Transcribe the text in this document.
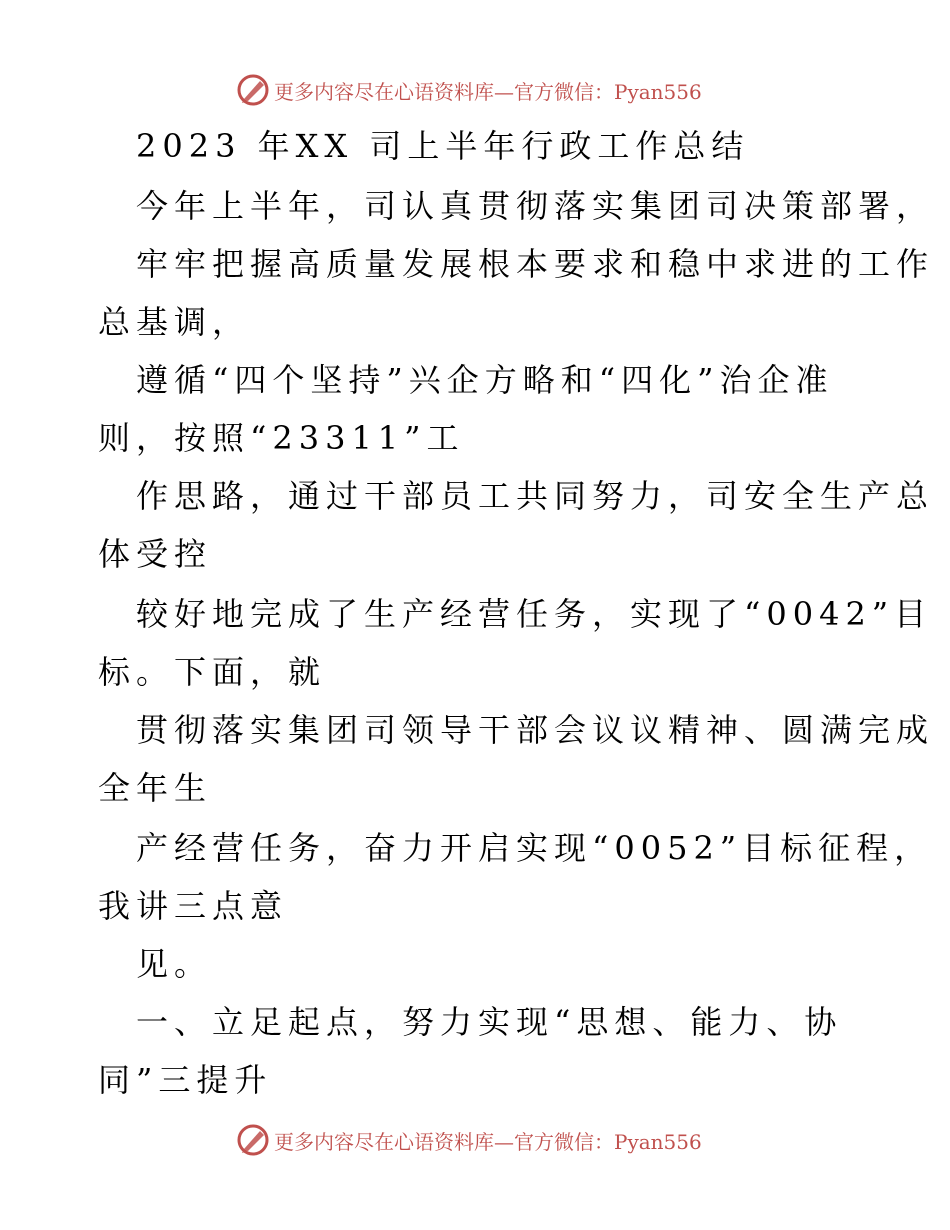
更多内容尽在心语资料库—官方微信：Pyan556
2023 年XX 司上半年行政工作总结
今年上半年，司认真贯彻落实集团司决策部署，
牢牢把握高质量发展根本要求和稳中求进的工作
总基调，
遵循“四个坚持”兴企方略和“四化”治企准
则，按照“23311”工
作思路，通过干部员工共同努力，司安全生产总
体受控
较好地完成了生产经营任务，实现了“0042”目
标。下面，就
贯彻落实集团司领导干部会议议精神、圆满完成
全年生
产经营任务，奋力开启实现“0052”目标征程，
我讲三点意
见。
一、立足起点，努力实现“思想、能力、协
同”三提升
更多内容尽在心语资料库—官方微信：Pyan556
